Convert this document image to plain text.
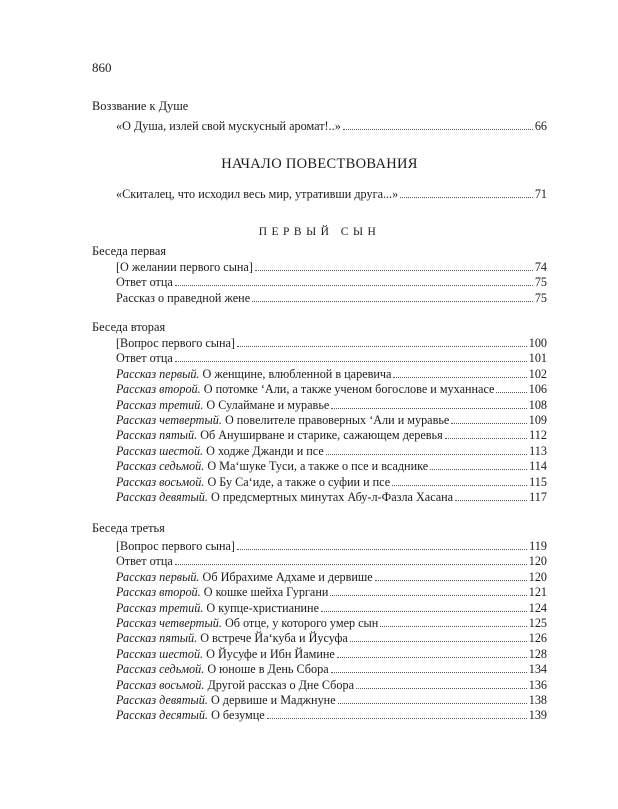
860
Воззвание к Душе
«О Душа, излей свой мускусный аромат!..»	66
НАЧАЛО ПОВЕСТВОВАНИЯ
«Скиталец, что исходил весь мир, утративши друга...»	71
ПЕРВЫЙ СЫН
Беседа первая
[О желании первого сына]	74
Ответ отца	75
Рассказ о праведной жене	75
Беседа вторая
[Вопрос первого сына]	100
Ответ отца	101
Рассказ первый. О женщине, влюбленной в царевича	102
Рассказ второй. О потомке ‘Али, а также ученом богослове и муханнасе	106
Рассказ третий. О Сулаймане и муравье	108
Рассказ четвертый. О повелителе правоверных ‘Али и муравье	109
Рассказ пятый. Об Ануширване и старике, сажающем деревья	112
Рассказ шестой. О ходже Джанди и псе	113
Рассказ седьмой. О Ма‘шуке Туси, а также о псе и всаднике	114
Рассказ восьмой. О Бу Са‘иде, а также о суфии и псе	115
Рассказ девятый. О предсмертных минутах Абу-л-Фазла Хасана	117
Беседа третья
[Вопрос первого сына]	119
Ответ отца	120
Рассказ первый. Об Ибрахиме Адхаме и дервише	120
Рассказ второй. О кошке шейха Гургани	121
Рассказ третий. О купце-христианине	124
Рассказ четвертый. Об отце, у которого умер сын	125
Рассказ пятый. О встрече Йа‘куба и Йусуфа	126
Рассказ шестой. О Йусуфе и Ибн Йамине	128
Рассказ седьмой. О юноше в День Сбора	134
Рассказ восьмой. Другой рассказ о Дне Сбора	136
Рассказ девятый. О дервише и Маджнуне	138
Рассказ десятый. О безумце	139
